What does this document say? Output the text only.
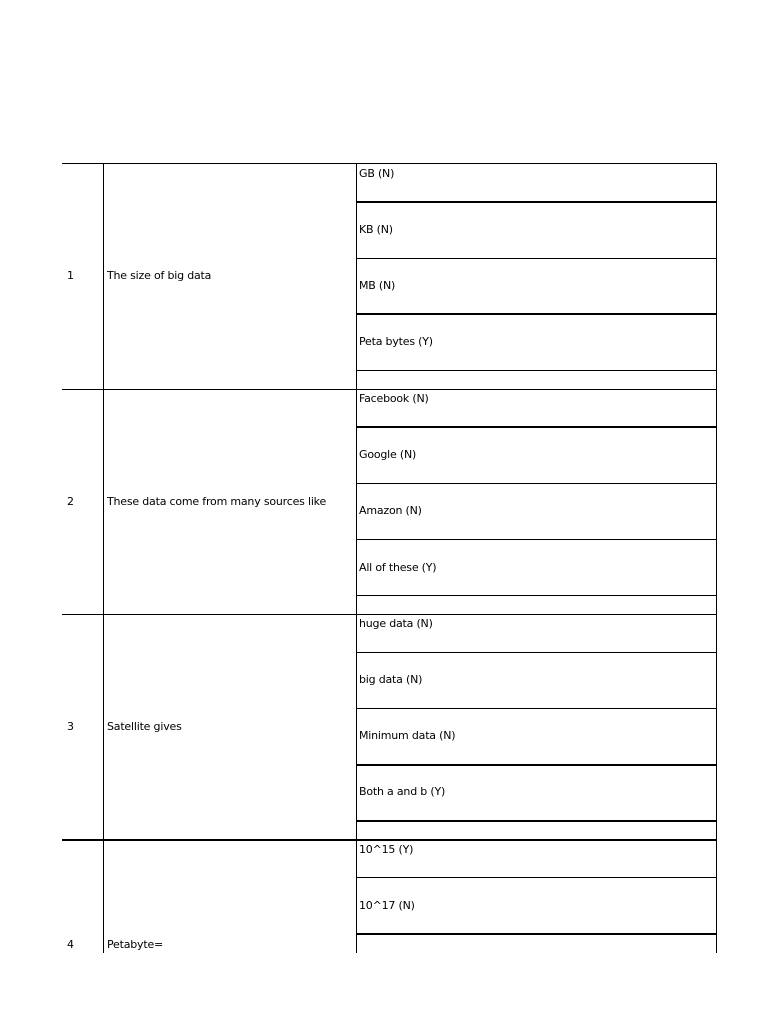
1	The size of big data
GB (N)
KB (N)
MB (N)
Peta bytes (Y)
2	These data come from many sources like
Facebook (N)
Google (N)
Amazon (N)
All of these (Y)
3	Satellite gives
huge data (N)
big data (N)
Minimum data (N)
Both a and b (Y)
4	Petabyte=
10^15 (Y)
10^17 (N)
